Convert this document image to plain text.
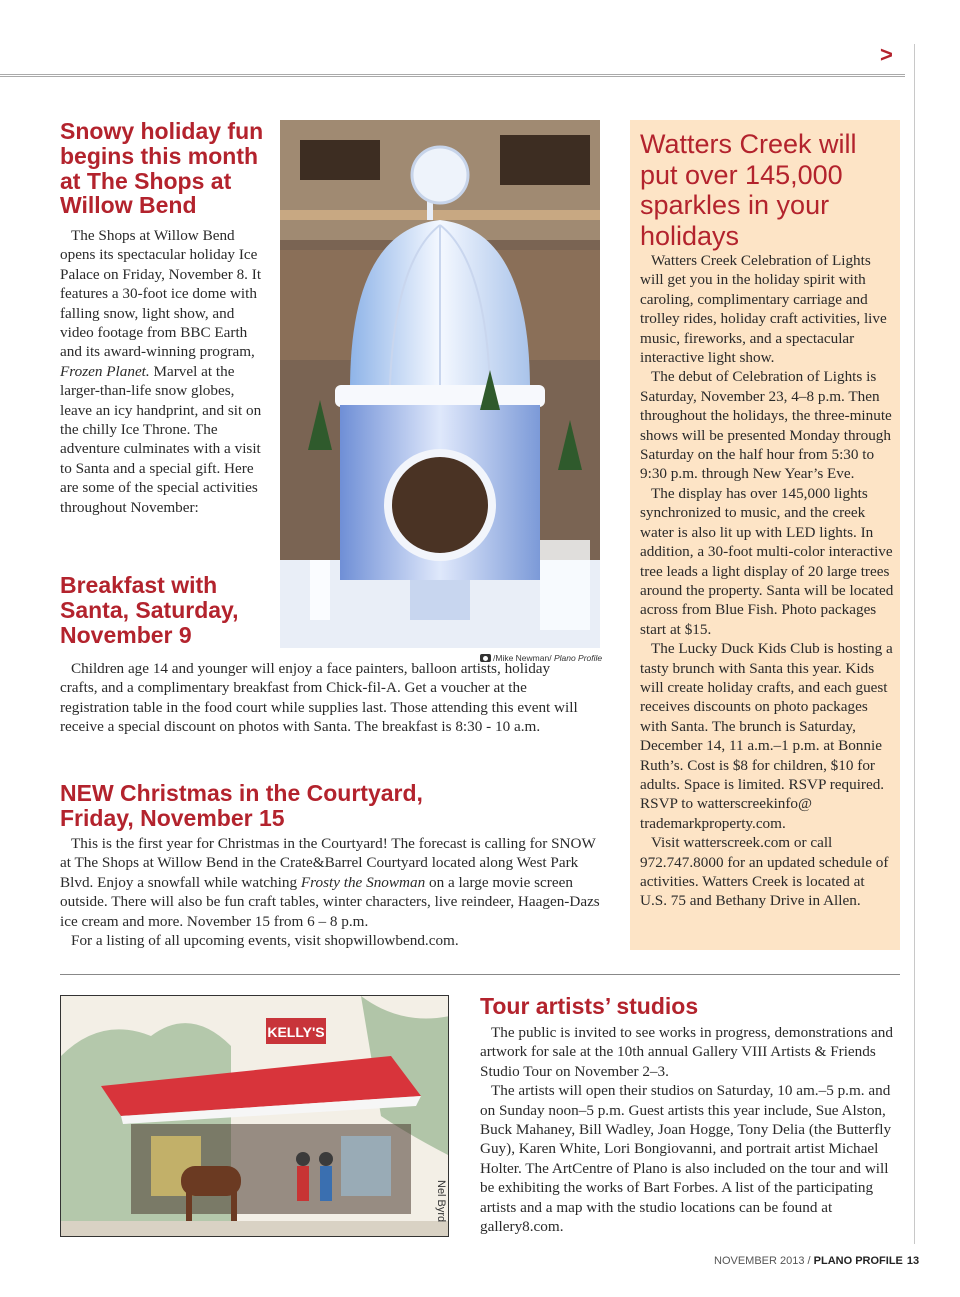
>
Snowy holiday fun begins this month at The Shops at Willow Bend

The Shops at Willow Bend opens its spectacular holiday Ice Palace on Friday, November 8. It features a 30-foot ice dome with falling snow, light show, and video footage from BBC Earth and its award-winning program, Frozen Planet. Marvel at the larger-than-life snow globes, leave an icy handprint, and sit on the chilly Ice Throne. The adventure culminates with a visit to Santa and a special gift. Here are some of the special activities throughout November:

/Mike Newman/ Plano Profile
Breakfast with Santa, Saturday, November 9

Children age 14 and younger will enjoy a face painters, balloon artists, holiday crafts, and a complimentary breakfast from Chick-fil-A. Get a voucher at the registration table in the food court while supplies last. Those attending this event will receive a special discount on photos with Santa. The breakfast is 8:30 - 10 a.m.

NEW Christmas in the Courtyard, Friday, November 15

This is the first year for Christmas in the Courtyard! The forecast is calling for SNOW at The Shops at Willow Bend in the Crate&Barrel Courtyard located along West Park Blvd. Enjoy a snowfall while watching Frosty the Snowman on a large movie screen outside. There will also be fun craft tables, winter characters, live reindeer, Haagen-Dazs ice cream and more. November 15 from 6 – 8 p.m.

For a listing of all upcoming events, visit shopwillowbend.com.

Watters Creek will put over 145,000 sparkles in your holidays

Watters Creek Celebration of Lights will get you in the holiday spirit with caroling, complimentary carriage and trolley rides, holiday craft activities, live music, fireworks, and a spectacular interactive light show.

The debut of Celebration of Lights is Saturday, November 23, 4–8 p.m. Then throughout the holidays, the three-minute shows will be presented Monday through Saturday on the half hour from 5:30 to 9:30 p.m. through New Year’s Eve.

The display has over 145,000 lights synchronized to music, and the creek water is also lit up with LED lights. In addition, a 30-foot multi-color interactive tree leads a light display of 20 large trees around the property. Santa will be located across from Blue Fish. Photo packages start at $15.

The Lucky Duck Kids Club is hosting a tasty brunch with Santa this year. Kids will create holiday crafts, and each guest receives discounts on photo packages with Santa. The brunch is Saturday, December 14, 11 a.m.–1 p.m. at Bonnie Ruth’s. Cost is $8 for children, $10 for adults. Space is limited. RSVP required. RSVP to watterscreekinfo@ trademarkproperty.com.

Visit watterscreek.com or call 972.747.8000 for an updated schedule of activities. Watters Creek is located at U.S. 75 and Bethany Drive in Allen.

KELLY'S
Nel Byrd
Tour artists’ studios

The public is invited to see works in progress, demonstrations and artwork for sale at the 10th annual Gallery VIII Artists & Friends Studio Tour on November 2–3.

The artists will open their studios on Saturday, 10 am.–5 p.m. and on Sunday noon–5 p.m. Guest artists this year include, Sue Alston, Buck Mahaney, Bill Wadley, Joan Hogge, Tony Delia (the Butterfly Guy), Karen White, Lori Bongiovanni, and portrait artist Michael Holter. The ArtCentre of Plano is also included on the tour and will be exhibiting the works of Bart Forbes. A list of the participating artists and a map with the studio locations can be found at gallery8.com.

NOVEMBER 2013 / PLANO PROFILE 13
